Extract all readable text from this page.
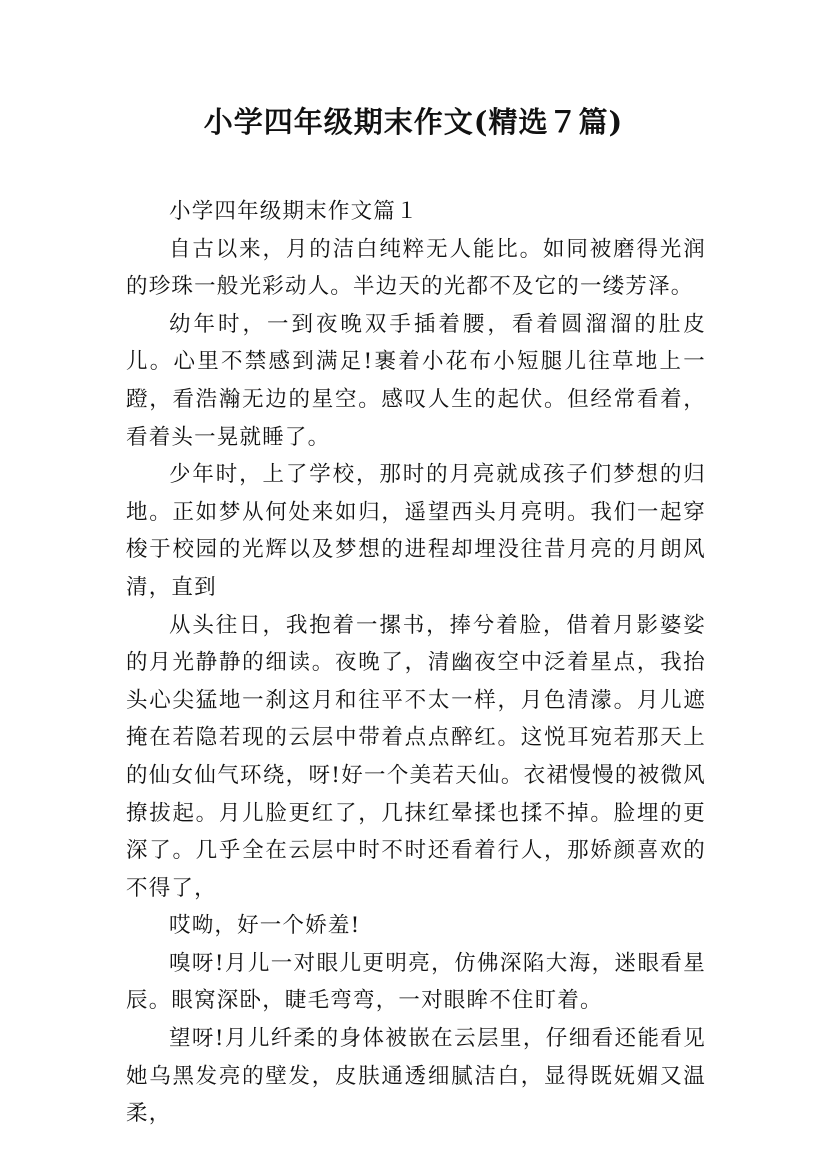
小学四年级期末作文(精选７篇)

小学四年级期末作文篇１

自古以来，月的洁白纯粹无人能比。如同被磨得光润的珍珠一般光彩动人。半边天的光都不及它的一缕芳泽。

幼年时，一到夜晚双手插着腰，看着圆溜溜的肚皮儿。心里不禁感到满足!裹着小花布小短腿儿往草地上一蹬，看浩瀚无边的星空。感叹人生的起伏。但经常看着，看着头一晃就睡了。

少年时，上了学校，那时的月亮就成孩子们梦想的归地。正如梦从何处来如归，遥望西头月亮明。我们一起穿梭于校园的光辉以及梦想的进程却埋没往昔月亮的月朗风清，直到

从头往日，我抱着一摞书，捧兮着脸，借着月影婆娑的月光静静的细读。夜晚了，清幽夜空中泛着星点，我抬头心尖猛地一刹这月和往平不太一样，月色清濛。月儿遮掩在若隐若现的云层中带着点点醉红。这悦耳宛若那天上的仙女仙气环绕，呀!好一个美若天仙。衣裙慢慢的被微风撩拔起。月儿脸更红了，几抹红晕揉也揉不掉。脸埋的更深了。几乎全在云层中时不时还看着行人，那娇颜喜欢的不得了，

哎呦，好一个娇羞!

嗅呀!月儿一对眼儿更明亮，仿佛深陷大海，迷眼看星辰。眼窝深卧，睫毛弯弯，一对眼眸不住盯着。

望呀!月儿纤柔的身体被嵌在云层里，仔细看还能看见她乌黑发亮的壁发，皮肤通透细腻洁白，显得既妩媚又温柔，
